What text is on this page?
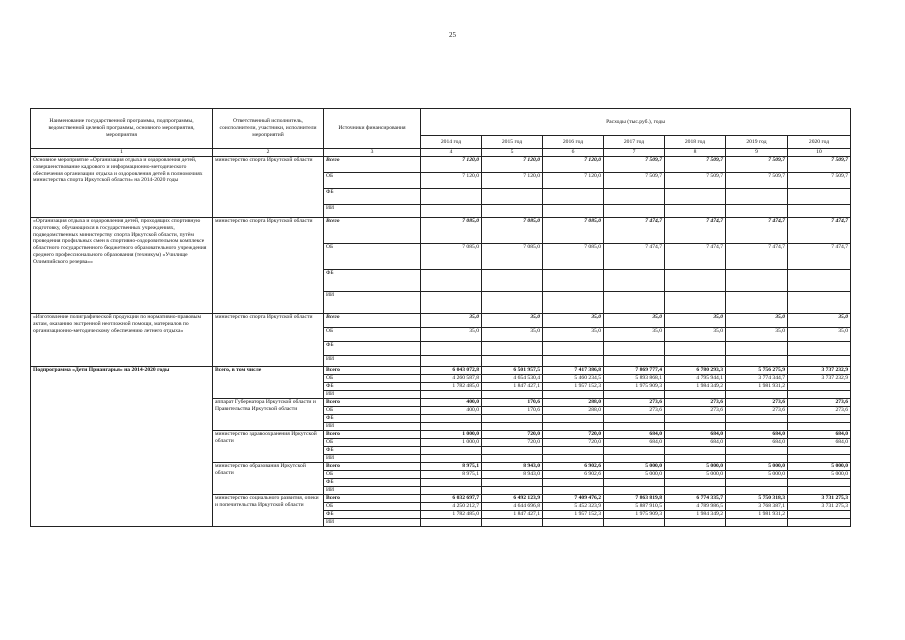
25
Наименование государственной программы, подпрограммы, ведомственной целевой программы, основного мероприятия, мероприятия	Ответственный исполнитель, соисполнители, участники, исполнители мероприятий	Источники финансирования	Расходы (тыс.руб.), годы						
			2014 год	2015 год	2016 год	2017 год	2018 год	2019 год	2020 год
1	2	3	4	5	6	7	8	9	10
Основное мероприятие «Организация отдыха и оздоровления детей, совершенствование кадрового и информационно-методического обеспечения организации отдыха и оздоровления детей в полномочиях министерства спорта Иркутской области» на 2014-2020 годы	министерство спорта Иркутской области	Всего	7 120,0	7 120,0	7 120,0	7 509,7	7 509,7	7 509,7	7 509,7
		ОБ	7 120,0	7 120,0	7 120,0	7 509,7	7 509,7	7 509,7	7 509,7
		ФБ							
		ИИ							
«Организация отдыха и оздоровления детей, проходящих спортивную подготовку, обучающихся в государственных учреждениях, подведомственных министерству спорта Иркутской области, путём проведения профильных смен в спортивно-оздоровительном комплексе областного государственного бюджетного образовательного учреждения среднего профессионального образования (техникум) «Училище Олимпийского резерва»»	министерство спорта Иркутской области	Всего	7 085,0	7 085,0	7 085,0	7 474,7	7 474,7	7 474,7	7 474,7
		ОБ	7 085,0	7 085,0	7 085,0	7 474,7	7 474,7	7 474,7	7 474,7
		ФБ							
		ИИ							
«Изготовление полиграфической продукции по нормативно-правовым актам, оказанию экстренной неотложной помощи, материалов по организационно-методическому обеспечению летнего отдыха»	министерство спорта Иркутской области	Всего	35,0	35,0	35,0	35,0	35,0	35,0	35,0
		ОБ	35,0	35,0	35,0	35,0	35,0	35,0	35,0
		ФБ							
		ИИ							
Подпрограмма «Дети Приангарья» на 2014-2020 годы	Всего, в том числе	Всего	6 043 072,8	6 501 957,5	7 417 386,8	7 869 777,4	6 780 293,3	5 756 275,9	3 737 232,9
		ОБ	4 260 587,8	4 654 530,4	5 460 234,5	5 893 868,1	4 795 944,1	3 774 344,7	3 737 232,9
		ФБ	1 782 485,0	1 847 427,1	1 957 152,3	1 975 909,3	1 984 349,2	1 981 931,2	
		ИИ							
	аппарат Губернатора Иркутской области и Правительства Иркутской области	Всего	400,0	170,6	288,0	273,6	273,6	273,6	273,6
		ОБ	400,0	170,6	288,0	273,6	273,6	273,6	273,6
		ФБ							
		ИИ							
	министерство здравоохранения Иркутской области	Всего	1 000,0	720,0	720,0	684,0	684,0	684,0	684,0
		ОБ	1 000,0	720,0	720,0	684,0	684,0	684,0	684,0
		ФБ							
		ИИ							
	министерство образования Иркутской области	Всего	8 975,1	8 943,0	6 902,6	5 000,0	5 000,0	5 000,0	5 000,0
		ОБ	8 975,1	8 943,0	6 902,6	5 000,0	5 000,0	5 000,0	5 000,0
		ФБ							
		ИИ							
	министерство социального развития, опеки и попечительства Иркутской области	Всего	6 032 697,7	6 492 123,9	7 409 476,2	7 863 819,8	6 774 335,7	5 750 318,3	3 731 275,3
		ОБ	4 250 212,7	4 644 696,8	5 452 323,9	5 887 910,5	4 789 986,5	3 768 387,1	3 731 275,3
		ФБ	1 782 485,0	1 847 427,1	1 957 152,3	1 975 909,3	1 984 349,2	1 981 931,2	
		ИИ							
